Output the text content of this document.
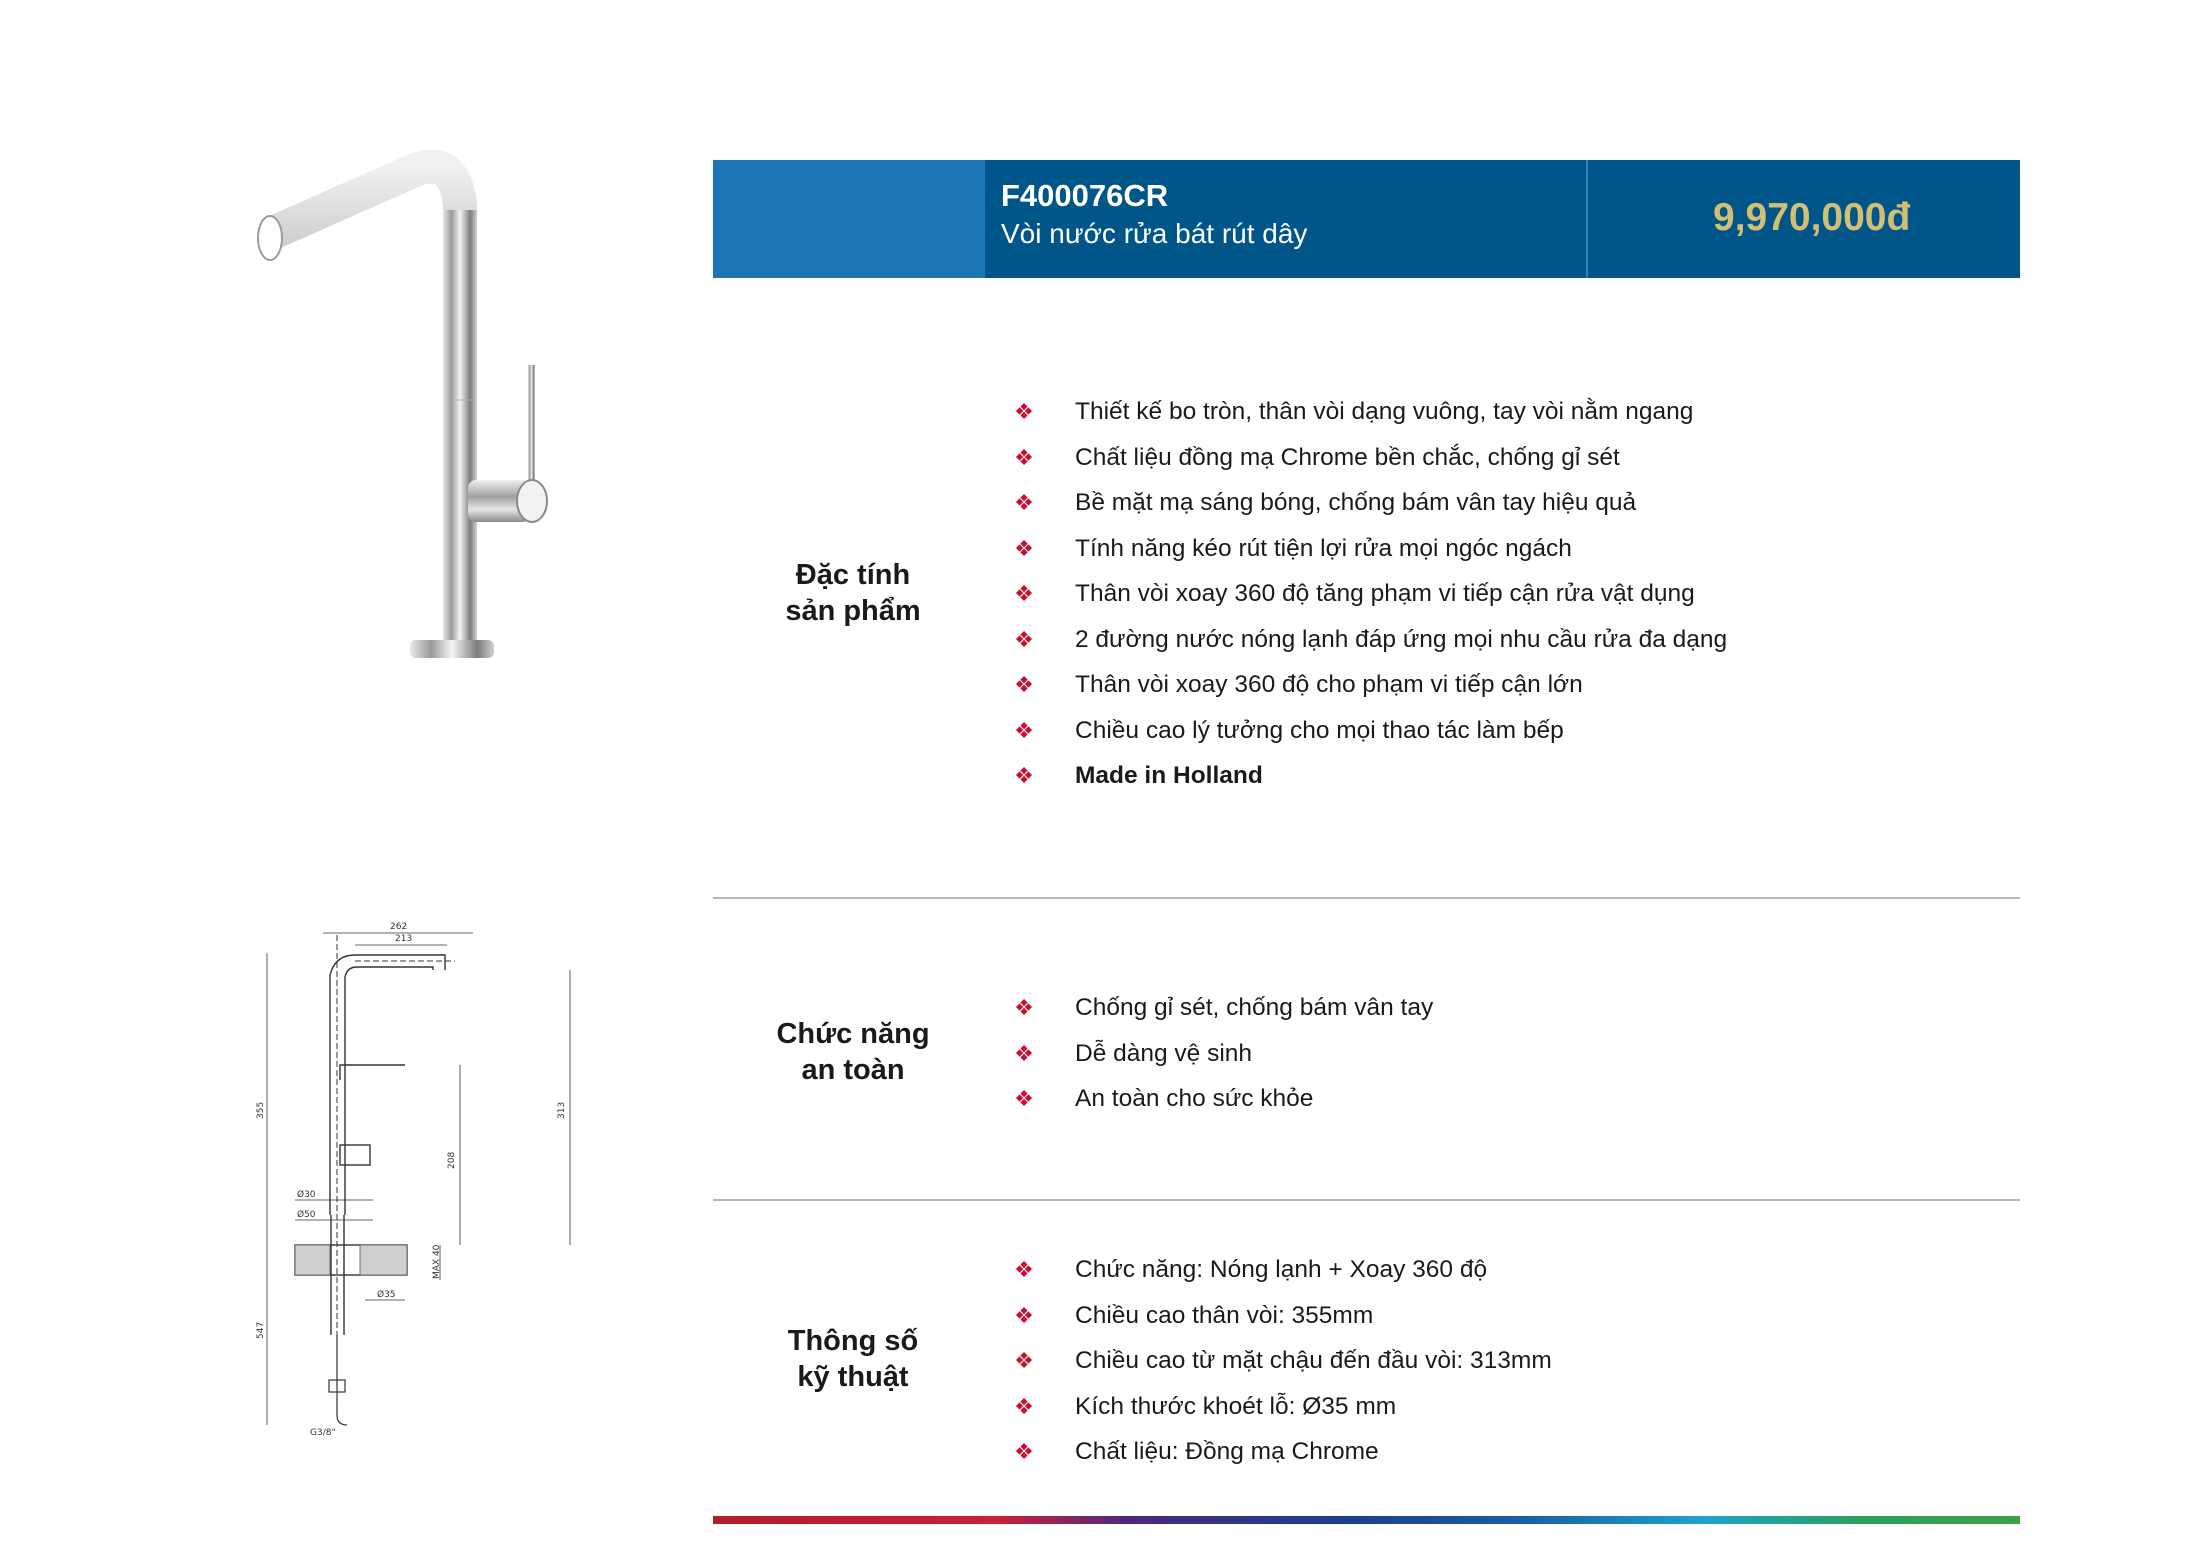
262
213
355	313
208
547
Ø30
Ø50
Ø35
MAX 40
G3/8"
F400076CR
Vòi nước rửa bát rút dây	9,970,000đ
Đặc tính
sản phẩm
❖ Thiết kế bo tròn, thân vòi dạng vuông, tay vòi nằm ngang
❖ Chất liệu đồng mạ Chrome bền chắc, chống gỉ sét
❖ Bề mặt mạ sáng bóng, chống bám vân tay hiệu quả
❖ Tính năng kéo rút tiện lợi rửa mọi ngóc ngách
❖ Thân vòi xoay 360 độ tăng phạm vi tiếp cận rửa vật dụng
❖ 2 đường nước nóng lạnh đáp ứng mọi nhu cầu rửa đa dạng
❖ Thân vòi xoay 360 độ cho phạm vi tiếp cận lớn
❖ Chiều cao lý tưởng cho mọi thao tác làm bếp
❖ Made in Holland
Chức năng
an toàn
❖ Chống gỉ sét, chống bám vân tay
❖ Dễ dàng vệ sinh
❖ An toàn cho sức khỏe
Thông số
kỹ thuật
❖ Chức năng: Nóng lạnh + Xoay 360 độ
❖ Chiều cao thân vòi: 355mm
❖ Chiều cao từ mặt chậu đến đầu vòi: 313mm
❖ Kích thước khoét lỗ: Ø35 mm
❖ Chất liệu: Đồng mạ Chrome
